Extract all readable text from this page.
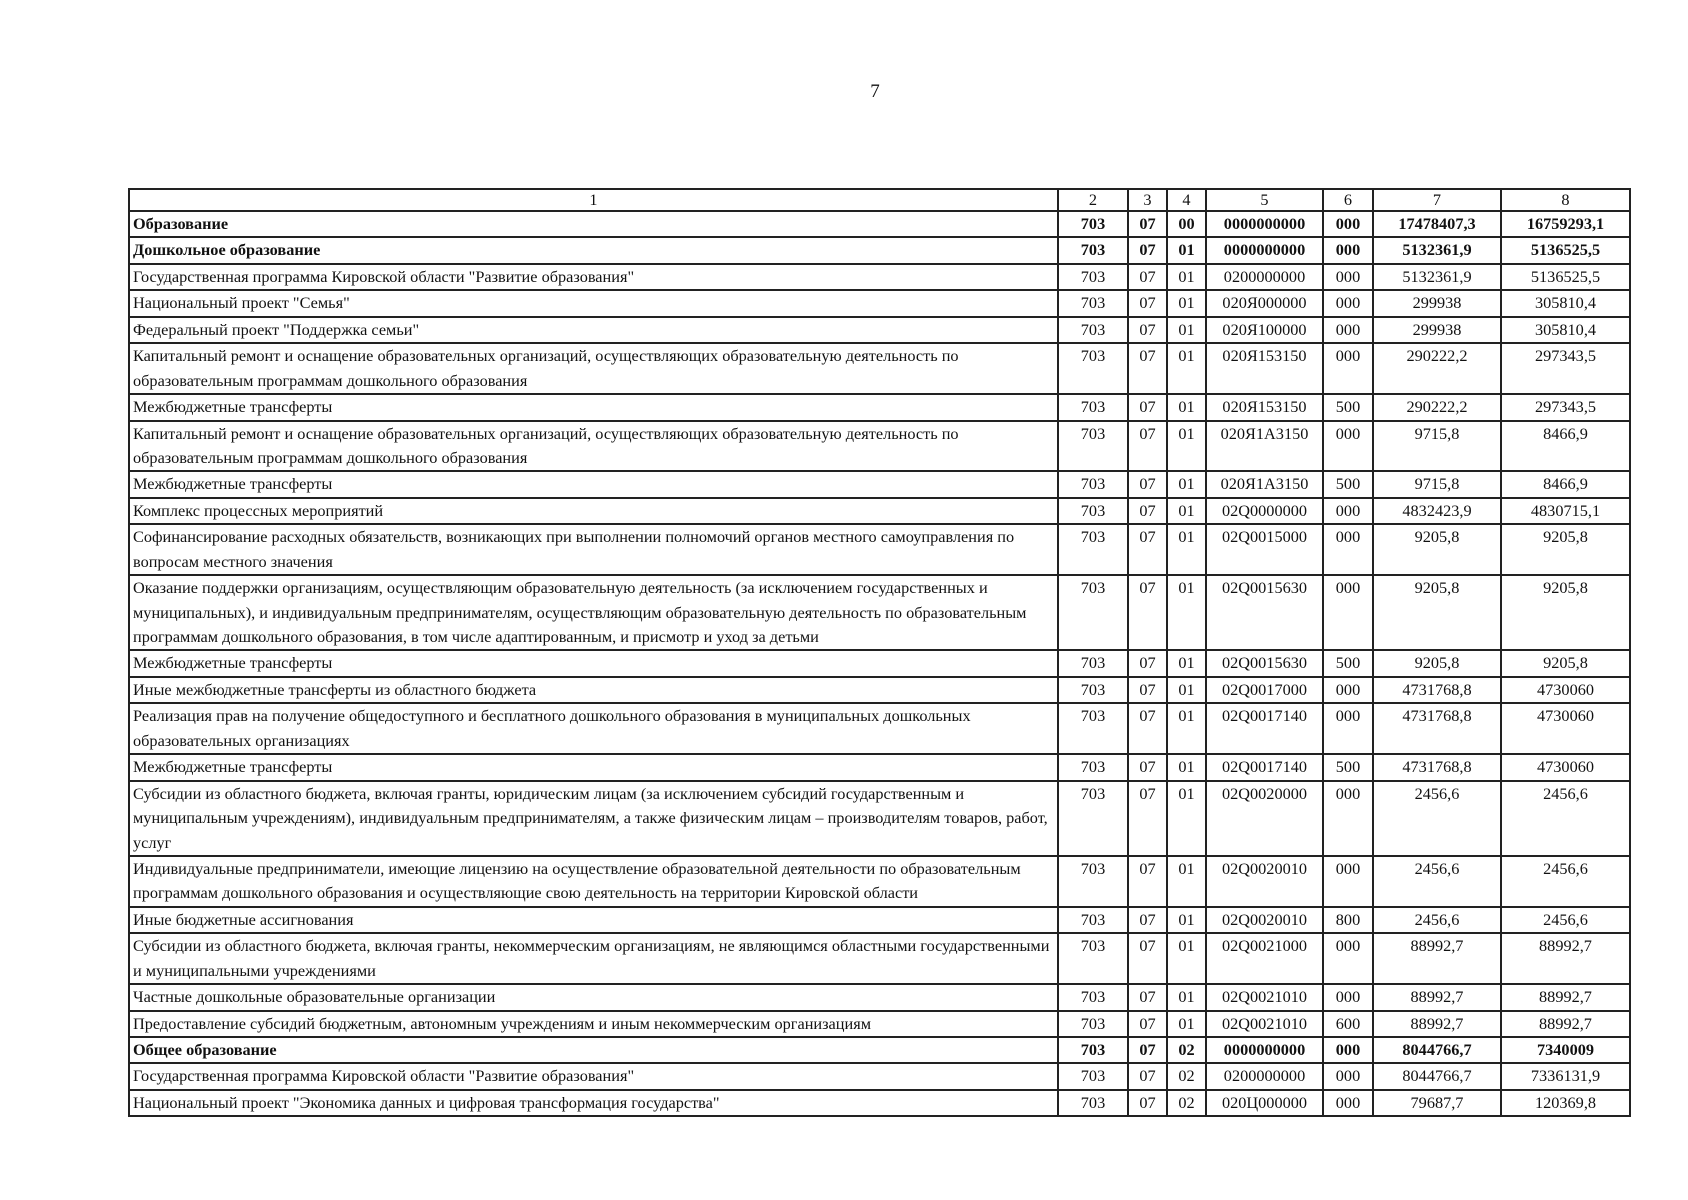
7
1	2	3	4	5	6	7	8
Образование	703	07	00	0000000000	000	17478407,3	16759293,1
Дошкольное образование	703	07	01	0000000000	000	5132361,9	5136525,5
Государственная программа Кировской области "Развитие образования"	703	07	01	0200000000	000	5132361,9	5136525,5
Национальный проект "Семья"	703	07	01	020Я000000	000	299938	305810,4
Федеральный проект "Поддержка семьи"	703	07	01	020Я100000	000	299938	305810,4
Капитальный ремонт и оснащение образовательных организаций, осуществляющих образовательную деятельность по образовательным программам дошкольного образования	703	07	01	020Я153150	000	290222,2	297343,5
Межбюджетные трансферты	703	07	01	020Я153150	500	290222,2	297343,5
Капитальный ремонт и оснащение образовательных организаций, осуществляющих образовательную деятельность по образовательным программам дошкольного образования	703	07	01	020Я1А3150	000	9715,8	8466,9
Межбюджетные трансферты	703	07	01	020Я1А3150	500	9715,8	8466,9
Комплекс процессных мероприятий	703	07	01	02Q0000000	000	4832423,9	4830715,1
Софинансирование расходных обязательств, возникающих при выполнении полномочий органов местного самоуправления по вопросам местного значения	703	07	01	02Q0015000	000	9205,8	9205,8
Оказание поддержки организациям, осуществляющим образовательную деятельность (за исключением государственных и муниципальных), и индивидуальным предпринимателям, осуществляющим образовательную деятельность по образовательным программам дошкольного образования, в том числе адаптированным, и присмотр и уход за детьми	703	07	01	02Q0015630	000	9205,8	9205,8
Межбюджетные трансферты	703	07	01	02Q0015630	500	9205,8	9205,8
Иные межбюджетные трансферты из областного бюджета	703	07	01	02Q0017000	000	4731768,8	4730060
Реализация прав на получение общедоступного и бесплатного дошкольного образования в муниципальных дошкольных образовательных организациях	703	07	01	02Q0017140	000	4731768,8	4730060
Межбюджетные трансферты	703	07	01	02Q0017140	500	4731768,8	4730060
Субсидии из областного бюджета, включая гранты, юридическим лицам (за исключением субсидий государственным и муниципальным учреждениям), индивидуальным предпринимателям, а также физическим лицам – производителям товаров, работ, услуг	703	07	01	02Q0020000	000	2456,6	2456,6
Индивидуальные предприниматели, имеющие лицензию на осуществление образовательной деятельности по образовательным программам дошкольного образования и осуществляющие свою деятельность на территории Кировской области	703	07	01	02Q0020010	000	2456,6	2456,6
Иные бюджетные ассигнования	703	07	01	02Q0020010	800	2456,6	2456,6
Субсидии из областного бюджета, включая гранты, некоммерческим организациям, не являющимся областными государственными и муниципальными учреждениями	703	07	01	02Q0021000	000	88992,7	88992,7
Частные дошкольные образовательные организации	703	07	01	02Q0021010	000	88992,7	88992,7
Предоставление субсидий бюджетным, автономным учреждениям и иным некоммерческим организациям	703	07	01	02Q0021010	600	88992,7	88992,7
Общее образование	703	07	02	0000000000	000	8044766,7	7340009
Государственная программа Кировской области "Развитие образования"	703	07	02	0200000000	000	8044766,7	7336131,9
Национальный проект "Экономика данных и цифровая трансформация государства"	703	07	02	020Ц000000	000	79687,7	120369,8
